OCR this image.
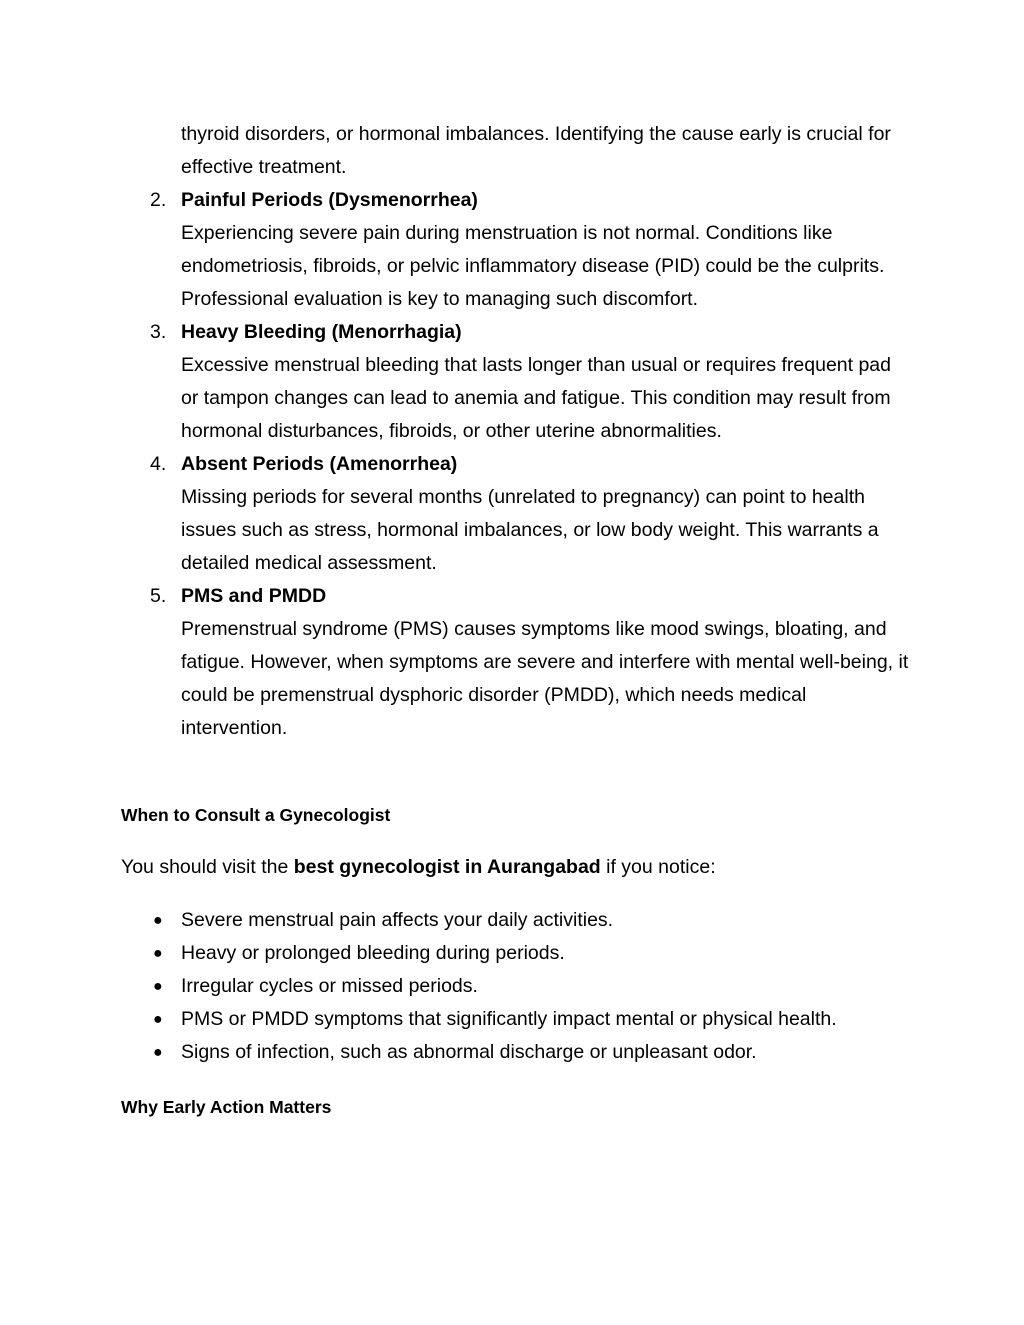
thyroid disorders, or hormonal imbalances. Identifying the cause early is crucial for effective treatment.
2. Painful Periods (Dysmenorrhea)
Experiencing severe pain during menstruation is not normal. Conditions like endometriosis, fibroids, or pelvic inflammatory disease (PID) could be the culprits. Professional evaluation is key to managing such discomfort.
3. Heavy Bleeding (Menorrhagia)
Excessive menstrual bleeding that lasts longer than usual or requires frequent pad or tampon changes can lead to anemia and fatigue. This condition may result from hormonal disturbances, fibroids, or other uterine abnormalities.
4. Absent Periods (Amenorrhea)
Missing periods for several months (unrelated to pregnancy) can point to health issues such as stress, hormonal imbalances, or low body weight. This warrants a detailed medical assessment.
5. PMS and PMDD
Premenstrual syndrome (PMS) causes symptoms like mood swings, bloating, and fatigue. However, when symptoms are severe and interfere with mental well-being, it could be premenstrual dysphoric disorder (PMDD), which needs medical intervention.
When to Consult a Gynecologist

You should visit the best gynecologist in Aurangabad if you notice:

● Severe menstrual pain affects your daily activities.
● Heavy or prolonged bleeding during periods.
● Irregular cycles or missed periods.
● PMS or PMDD symptoms that significantly impact mental or physical health.
● Signs of infection, such as abnormal discharge or unpleasant odor.
Why Early Action Matters
